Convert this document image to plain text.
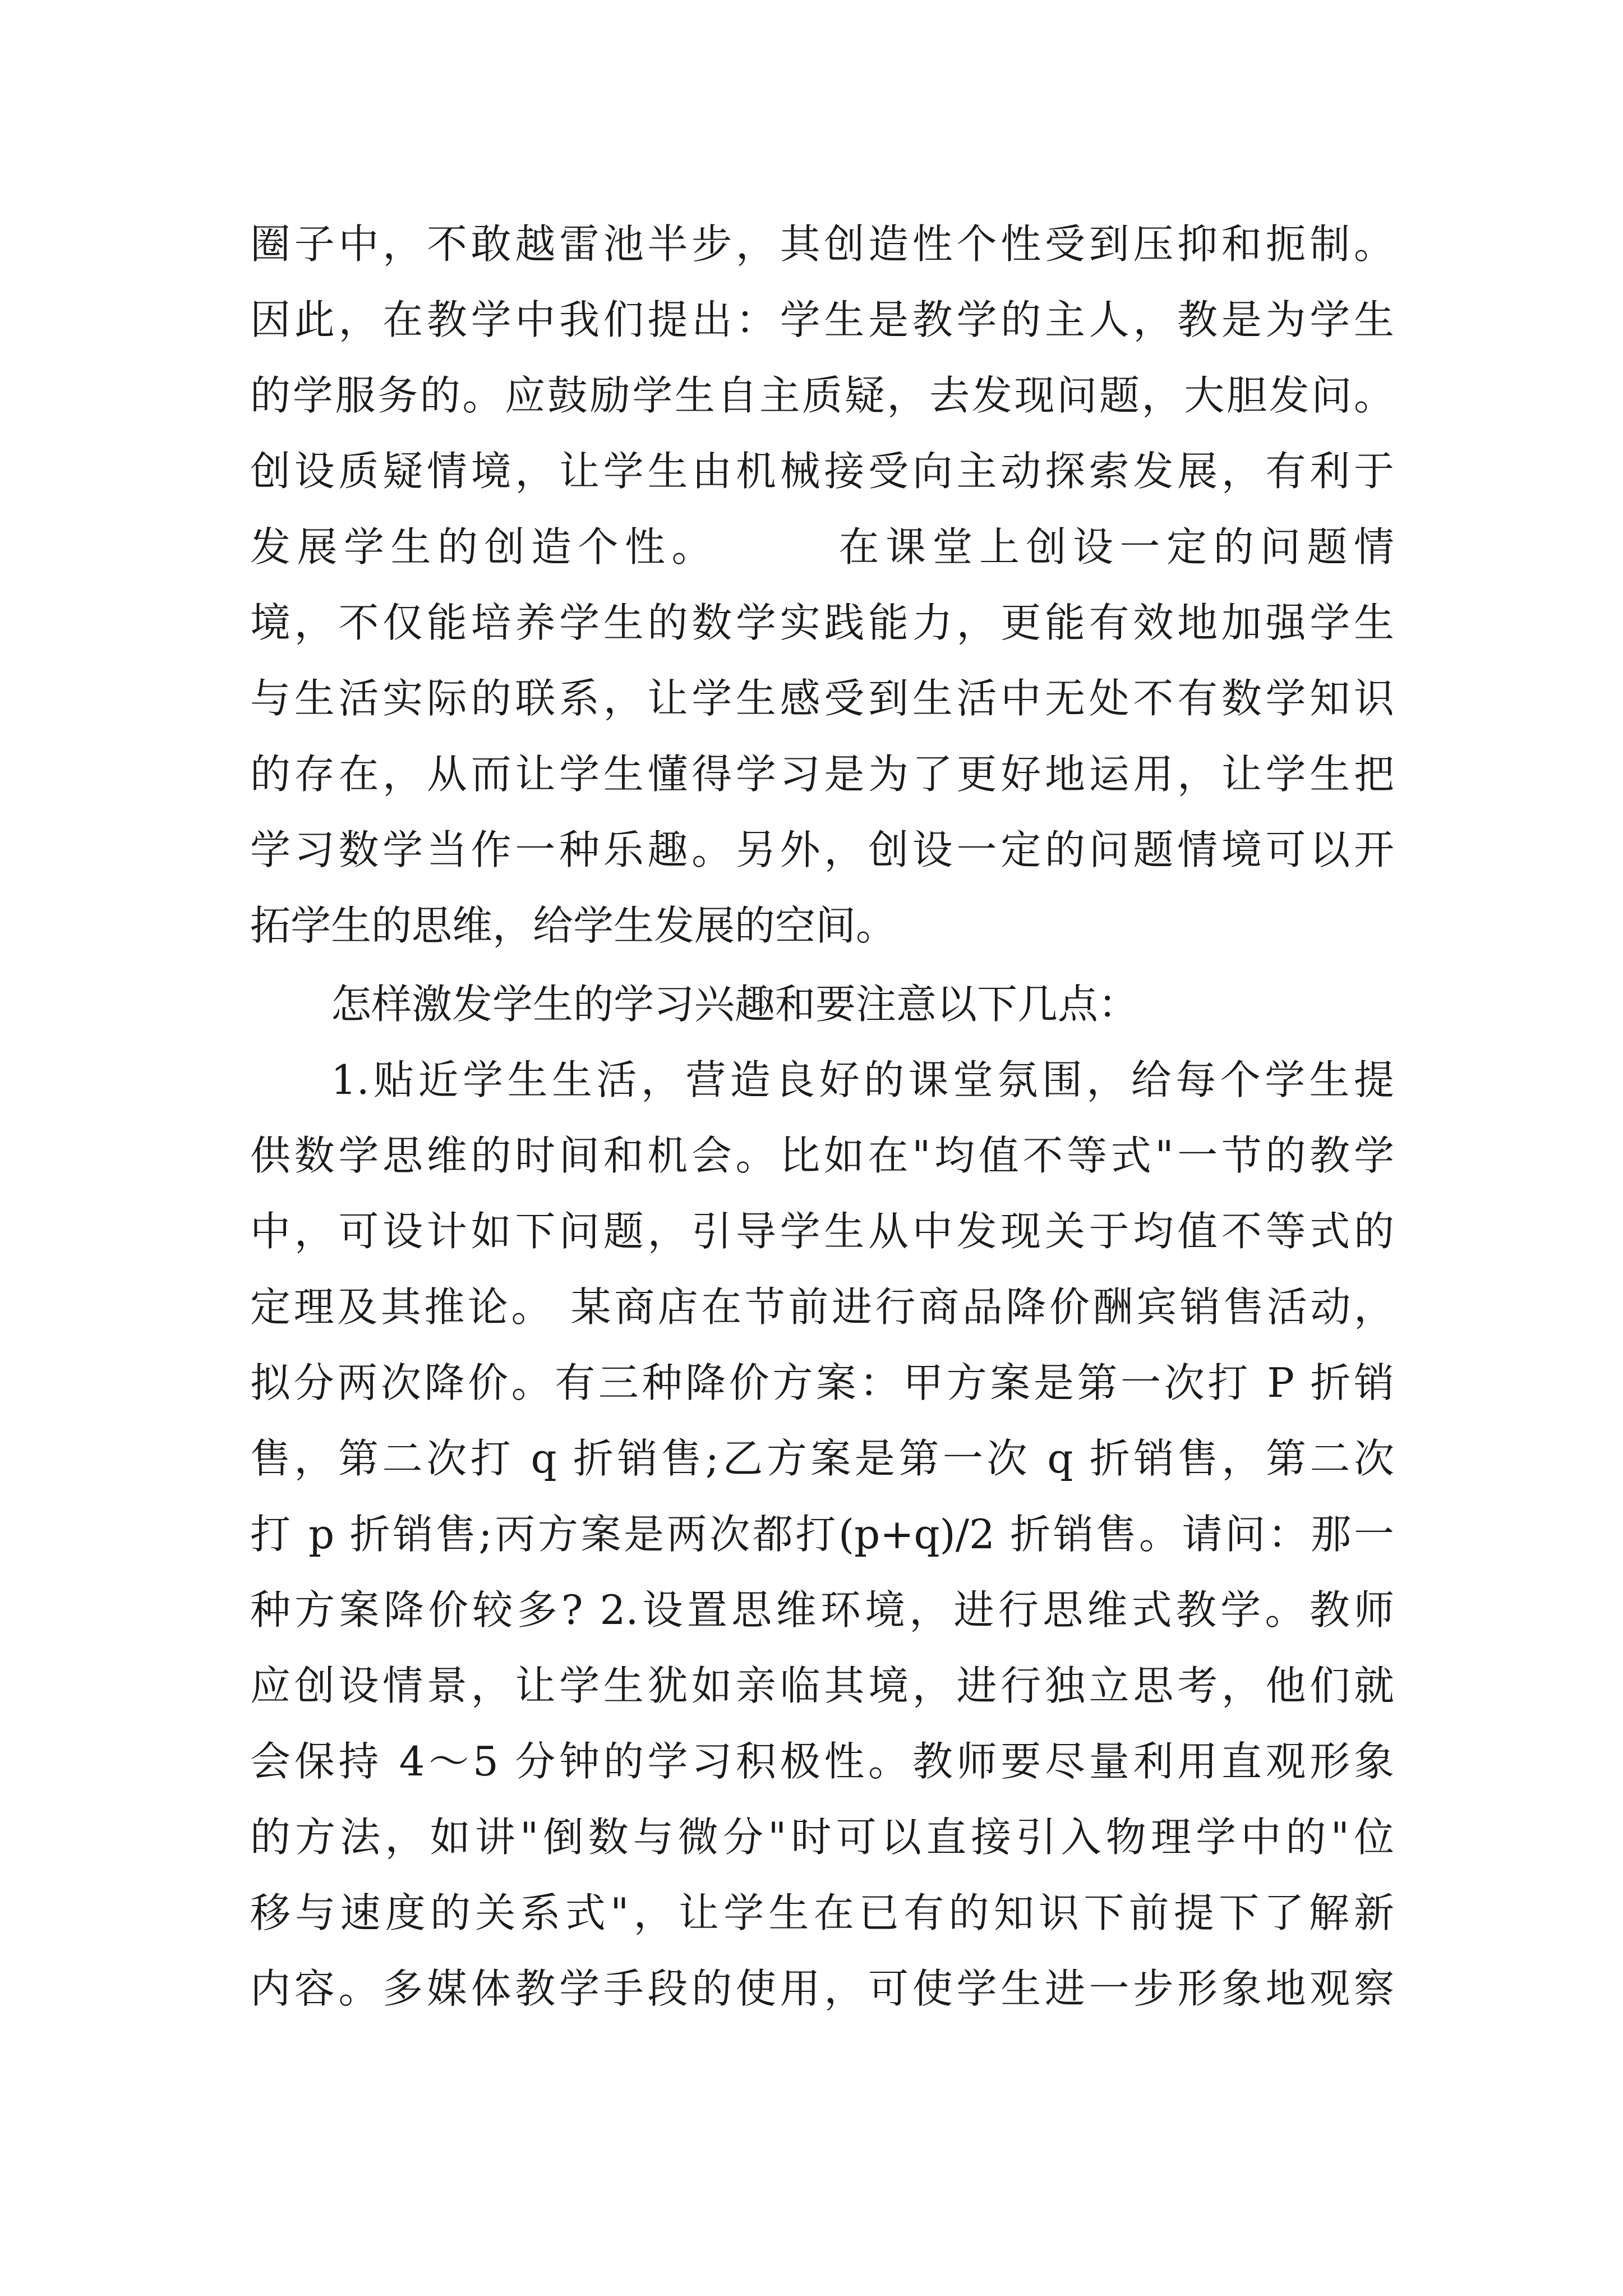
圈子中，不敢越雷池半步，其创造性个性受到压抑和扼制。
因此，在教学中我们提出：学生是教学的主人，教是为学生
的学服务的。应鼓励学生自主质疑，去发现问题，大胆发问。
创设质疑情境，让学生由机械接受向主动探索发展，有利于
发展学生的创造个性。　　　在课堂上创设一定的问题情
境，不仅能培养学生的数学实践能力，更能有效地加强学生
与生活实际的联系，让学生感受到生活中无处不有数学知识
的存在，从而让学生懂得学习是为了更好地运用，让学生把
学习数学当作一种乐趣。另外，创设一定的问题情境可以开
拓学生的思维，给学生发展的空间。
怎样激发学生的学习兴趣和要注意以下几点：
1.贴近学生生活，营造良好的课堂氛围，给每个学生提
供数学思维的时间和机会。比如在"均值不等式"一节的教学
中，可设计如下问题，引导学生从中发现关于均值不等式的
定理及其推论。 某商店在节前进行商品降价酬宾销售活动，
拟分两次降价。有三种降价方案：甲方案是第一次打 P 折销
售，第二次打 q 折销售;乙方案是第一次 q 折销售，第二次
打 p 折销售;丙方案是两次都打(p+q)/2 折销售。请问：那一
种方案降价较多? 2.设置思维环境，进行思维式教学。教师
应创设情景，让学生犹如亲临其境，进行独立思考，他们就
会保持 4～5 分钟的学习积极性。教师要尽量利用直观形象
的方法，如讲"倒数与微分"时可以直接引入物理学中的"位
移与速度的关系式"，让学生在已有的知识下前提下了解新
内容。多媒体教学手段的使用，可使学生进一步形象地观察
